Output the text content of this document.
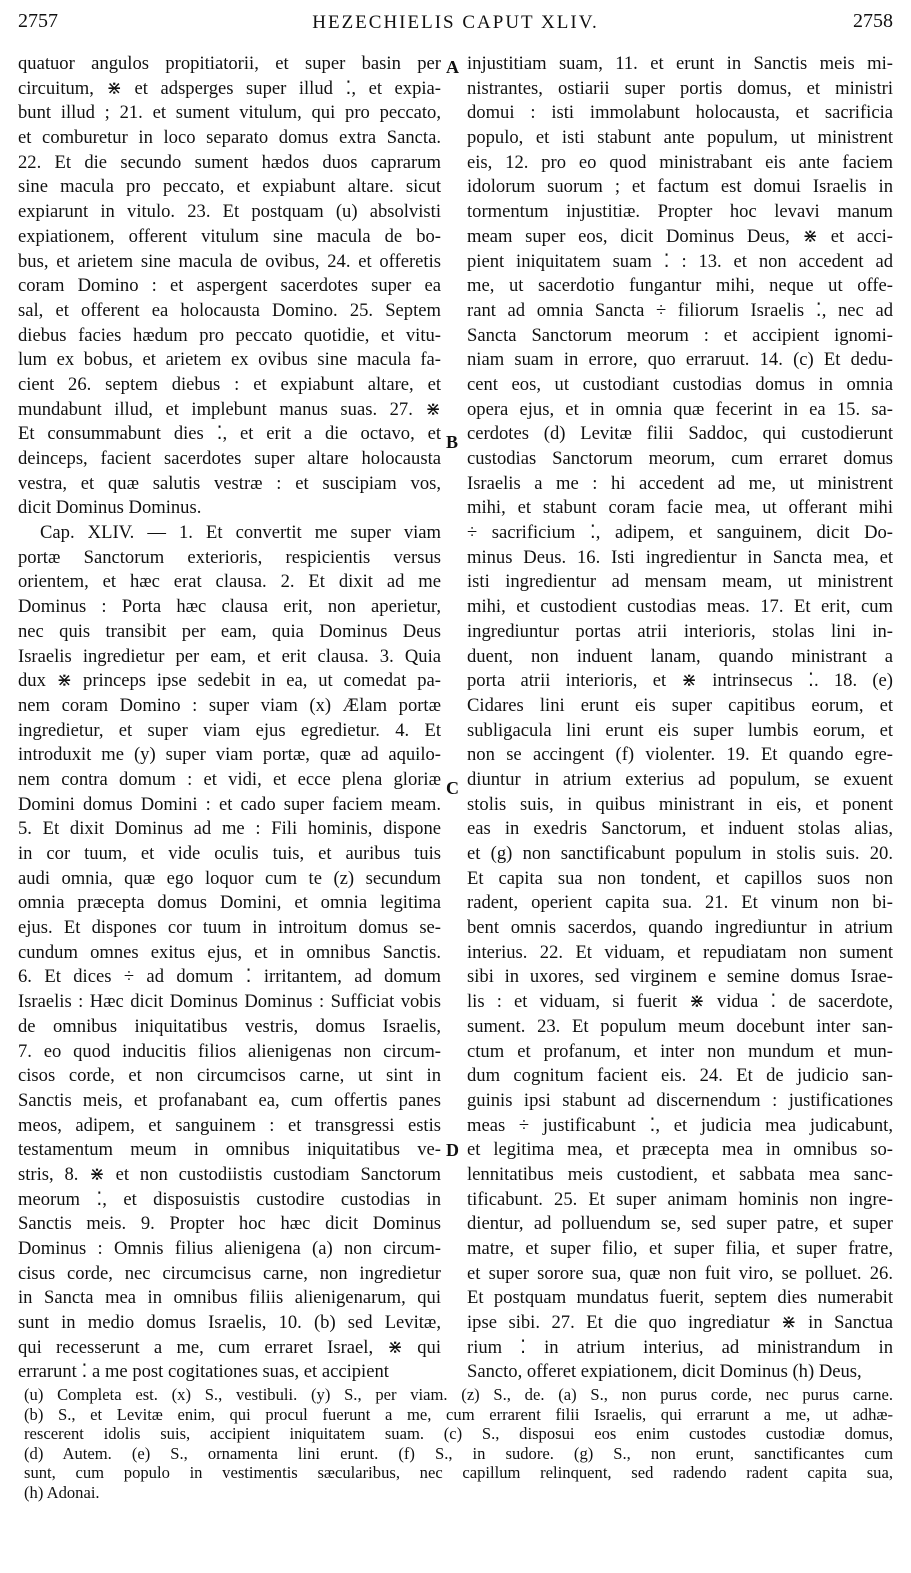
2757	HEZECHIELIS CAPUT XLIV.	2758
A
B
C
D
quatuor angulos propitiatorii, et super basin per
circuitum, ⋇ et adsperges super illud ⁚, et expia-
bunt illud ; 21. et sument vitulum, qui pro peccato,
et comburetur in loco separato domus extra Sancta.
22. Et die secundo sument hædos duos caprarum
sine macula pro peccato, et expiabunt altare. sicut
expiarunt in vitulo. 23. Et postquam (u) absolvisti
expiationem, offerent vitulum sine macula de bo-
bus, et arietem sine macula de ovibus, 24. et offeretis
coram Domino : et aspergent sacerdotes super ea
sal, et offerent ea holocausta Domino. 25. Septem
diebus facies hædum pro peccato quotidie, et vitu-
lum ex bobus, et arietem ex ovibus sine macula fa-
cient 26. septem diebus : et expiabunt altare, et
mundabunt illud, et implebunt manus suas. 27. ⋇
Et consummabunt dies ⁚, et erit a die octavo, et
deinceps, facient sacerdotes super altare holocausta
vestra, et quæ salutis vestræ : et suscipiam vos,
dicit Dominus Dominus.
Cap. XLIV. — 1. Et convertit me super viam
portæ Sanctorum exterioris, respicientis versus
orientem, et hæc erat clausa. 2. Et dixit ad me
Dominus : Porta hæc clausa erit, non aperietur,
nec quis transibit per eam, quia Dominus Deus
Israelis ingredietur per eam, et erit clausa. 3. Quia
dux ⋇ princeps ipse sedebit in ea, ut comedat pa-
nem coram Domino : super viam (x) Ælam portæ
ingredietur, et super viam ejus egredietur. 4. Et
introduxit me (y) super viam portæ, quæ ad aquilo-
nem contra domum : et vidi, et ecce plena gloriæ
Domini domus Domini : et cado super faciem meam.
5. Et dixit Dominus ad me : Fili hominis, dispone
in cor tuum, et vide oculis tuis, et auribus tuis
audi omnia, quæ ego loquor cum te (z) secundum
omnia præcepta domus Domini, et omnia legitima
ejus. Et dispones cor tuum in introitum domus se-
cundum omnes exitus ejus, et in omnibus Sanctis.
6. Et dices ÷ ad domum ⁚ irritantem, ad domum
Israelis : Hæc dicit Dominus Dominus : Sufficiat vobis
de omnibus iniquitatibus vestris, domus Israelis,
7. eo quod inducitis filios alienigenas non circum-
cisos corde, et non circumcisos carne, ut sint in
Sanctis meis, et profanabant ea, cum offertis panes
meos, adipem, et sanguinem : et transgressi estis
testamentum meum in omnibus iniquitatibus ve-
stris, 8. ⋇ et non custodiistis custodiam Sanctorum
meorum ⁚, et disposuistis custodire custodias in
Sanctis meis. 9. Propter hoc hæc dicit Dominus
Dominus : Omnis filius alienigena (a) non circum-
cisus corde, nec circumcisus carne, non ingredietur
in Sancta mea in omnibus filiis alienigenarum, qui
sunt in medio domus Israelis, 10. (b) sed Levitæ,
qui recesserunt a me, cum erraret Israel, ⋇ qui
errarunt ⁚ a me post cogitationes suas, et accipient
injustitiam suam, 11. et erunt in Sanctis meis mi-
nistrantes, ostiarii super portis domus, et ministri
domui : isti immolabunt holocausta, et sacrificia
populo, et isti stabunt ante populum, ut ministrent
eis, 12. pro eo quod ministrabant eis ante faciem
idolorum suorum ; et factum est domui Israelis in
tormentum injustitiæ. Propter hoc levavi manum
meam super eos, dicit Dominus Deus, ⋇ et acci-
pient iniquitatem suam ⁚ : 13. et non accedent ad
me, ut sacerdotio fungantur mihi, neque ut offe-
rant ad omnia Sancta ÷ filiorum Israelis ⁚, nec ad
Sancta Sanctorum meorum : et accipient ignomi-
niam suam in errore, quo erraruut. 14. (c) Et dedu-
cent eos, ut custodiant custodias domus in omnia
opera ejus, et in omnia quæ fecerint in ea 15. sa-
cerdotes (d) Levitæ filii Saddoc, qui custodierunt
custodias Sanctorum meorum, cum erraret domus
Israelis a me : hi accedent ad me, ut ministrent
mihi, et stabunt coram facie mea, ut offerant mihi
÷ sacrificium ⁚, adipem, et sanguinem, dicit Do-
minus Deus. 16. Isti ingredientur in Sancta mea, et
isti ingredientur ad mensam meam, ut ministrent
mihi, et custodient custodias meas. 17. Et erit, cum
ingrediuntur portas atrii interioris, stolas lini in-
duent, non induent lanam, quando ministrant a
porta atrii interioris, et ⋇ intrinsecus ⁚. 18. (e)
Cidares lini erunt eis super capitibus eorum, et
subligacula lini erunt eis super lumbis eorum, et
non se accingent (f) violenter. 19. Et quando egre-
diuntur in atrium exterius ad populum, se exuent
stolis suis, in quibus ministrant in eis, et ponent
eas in exedris Sanctorum, et induent stolas alias,
et (g) non sanctificabunt populum in stolis suis. 20.
Et capita sua non tondent, et capillos suos non
radent, operient capita sua. 21. Et vinum non bi-
bent omnis sacerdos, quando ingrediuntur in atrium
interius. 22. Et viduam, et repudiatam non sument
sibi in uxores, sed virginem e semine domus Israe-
lis : et viduam, si fuerit ⋇ vidua ⁚ de sacerdote,
sument. 23. Et populum meum docebunt inter san-
ctum et profanum, et inter non mundum et mun-
dum cognitum facient eis. 24. Et de judicio san-
guinis ipsi stabunt ad discernendum : justificationes
meas ÷ justificabunt ⁚, et judicia mea judicabunt,
et legitima mea, et præcepta mea in omnibus so-
lennitatibus meis custodient, et sabbata mea sanc-
tificabunt. 25. Et super animam hominis non ingre-
dientur, ad polluendum se, sed super patre, et super
matre, et super filio, et super filia, et super fratre,
et super sorore sua, quæ non fuit viro, se polluet. 26.
Et postquam mundatus fuerit, septem dies numerabit
ipse sibi. 27. Et die quo ingrediatur ⋇ in Sanctua
rium ⁚ in atrium interius, ad ministrandum in
Sancto, offeret expiationem, dicit Dominus (h) Deus,
(u) Completa est. (x) S., vestibuli. (y) S., per viam. (z) S., de. (a) S., non purus corde, nec purus carne.
(b) S., et Levitæ enim, qui procul fuerunt a me, cum errarent filii Israelis, qui errarunt a me, ut adhæ-
rescerent idolis suis, accipient iniquitatem suam. (c) S., disposui eos enim custodes custodiæ domus,
(d) Autem. (e) S., ornamenta lini erunt. (f) S., in sudore. (g) S., non erunt, sanctificantes cum
sunt, cum populo in vestimentis sæcularibus, nec capillum relinquent, sed radendo radent capita sua,
(h) Adonai.
